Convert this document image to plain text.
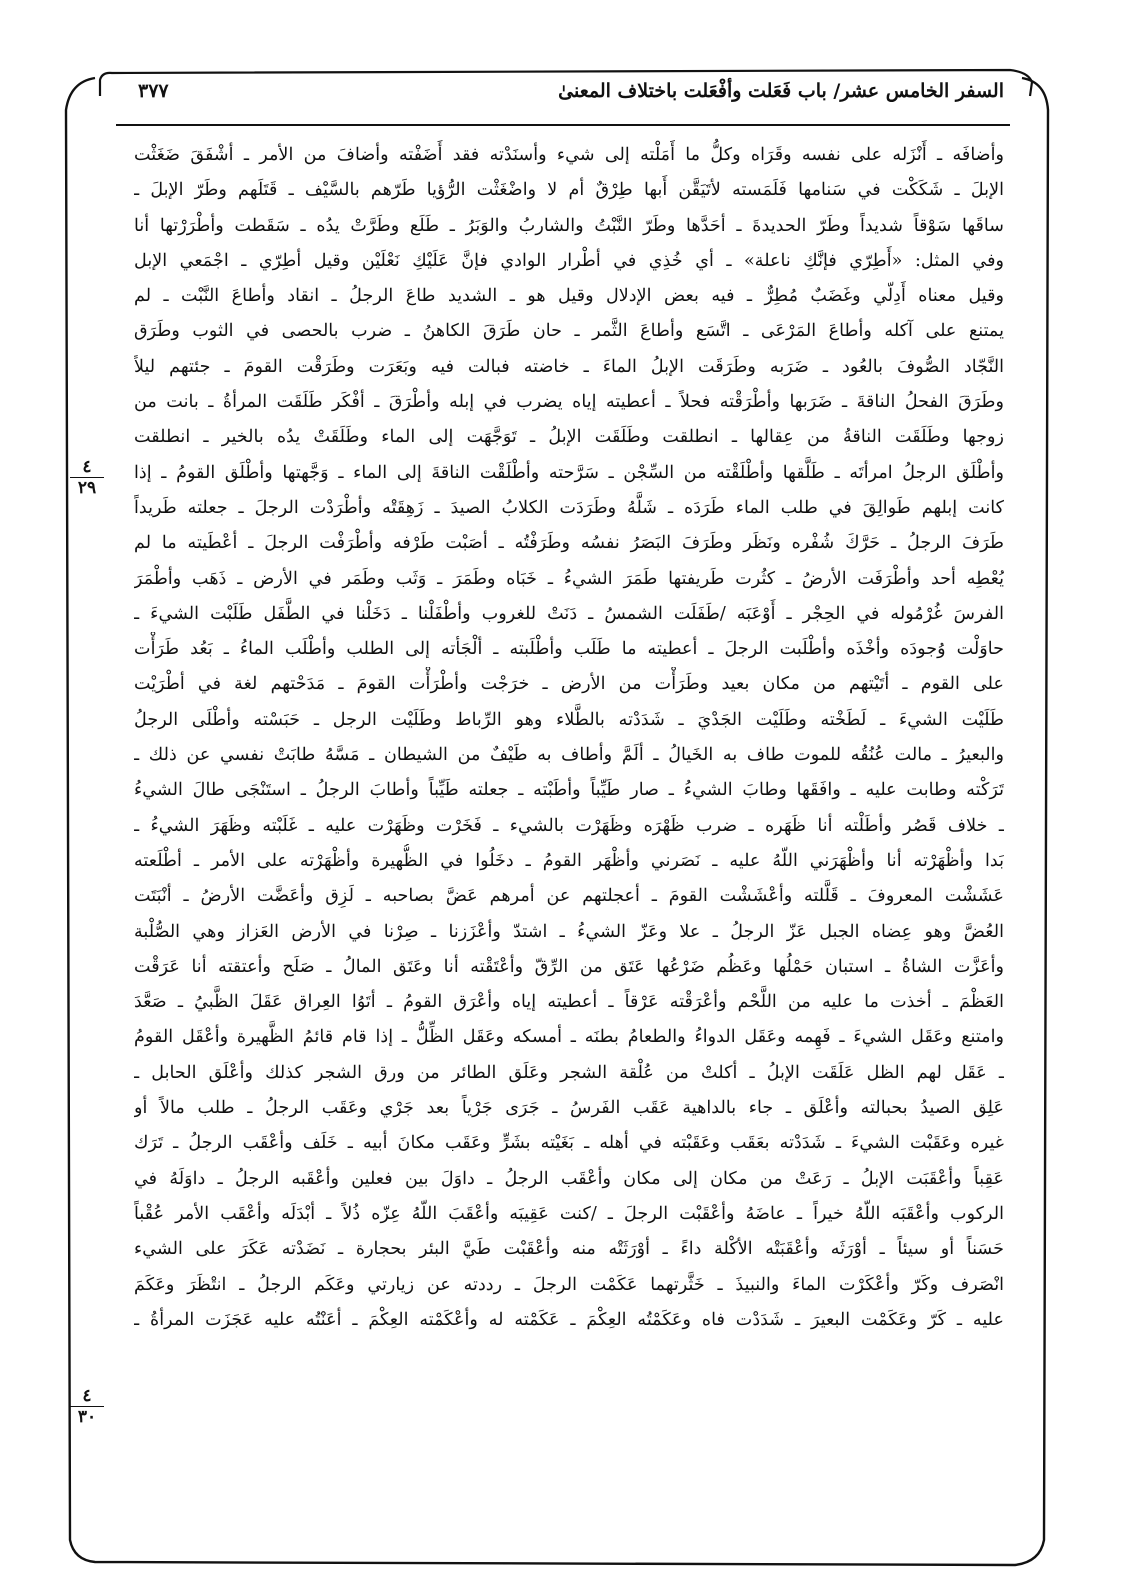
السفر الخامس عشر/ باب فَعَلت وأفْعَلت باختلاف المعنىٰ
٣٧٧
٤
٢٩
٤
٣٠
وأضافَه ـ أَنْزَله على نفسه وقَرَاه وكلُّ ما أَمَلْته إلى شيء وأسنَدْته فقد أَضَفْته وأضافَ من الأمر ـ أشْفَقَ ضَغَثْت
الإبلَ ـ شَكَكْت في سَنامها فَلَمَسته لأتَيَقَّن أَبها طِرْقٌ أم لا واضْغَثْت الرُّؤيا طَرّهم بالسَّيْف ـ قَتَلَهم وطَرّ الإبلَ ـ
ساقَها سَوْقاً شديداً وطَرّ الحديدةَ ـ أحَدَّها وطَرّ النَّبْتُ والشاربُ والوَبَرُ ـ طَلَع وطَرَّتْ يدُه ـ سَقَطت وأطْرَرْتها أنا
وفي المثل: «أَطِرّي فإنَّكِ ناعلة» ـ أي خُذِي في أطْرار الوادي فإنَّ عَلَيْكِ نَعْلَيْن وقيل أطِرّي ـ اجْمَعي الإبل
وقيل معناه أَدِلّي وغَضَبٌ مُطِرٌّ ـ فيه بعض الإدلال وقيل هو ـ الشديد طاعَ الرجلُ ـ انقاد وأطاعَ النَّبْت ـ لم
يمتنع على آكله وأطاعَ المَرْعَى ـ اتَّسَع وأطاعَ الثَّمر ـ حان طَرَقَ الكاهنُ ـ ضرب بالحصى في الثوب وطَرَق
النَّجّاد الصُّوفَ بالعُود ـ ضَرَبه وطَرَقَت الإبلُ الماءَ ـ خاضته فبالت فيه وبَعَرَت وطَرَقْت القومَ ـ جئتهم ليلاً
وطَرَقَ الفحلُ الناقةَ ـ ضَرَبها وأطْرَقْته فحلاً ـ أعطيته إياه يضرب في إبله وأطْرَقَ ـ أفْكَر طَلَقَت المرأةُ ـ بانت من
زوجها وطَلَقَت الناقةُ من عِقالها ـ انطلقت وطَلَقَت الإبلُ ـ تَوَجَّهَت إلى الماء وطَلَقَتْ يدُه بالخير ـ انطلقت
وأطْلَق الرجلُ امرأتَه ـ طَلَّقها وأطْلَقْته من السِّجْن ـ سَرَّحته وأطْلَقْت الناقةَ إلى الماء ـ وَجَّهتها وأطْلَق القومُ ـ إذا
كانت إبلهم طَوالِقَ في طلب الماء طَرَدَه ـ شَلَّهُ وطَرَدَت الكلابُ الصيدَ ـ زَهِقَتْه وأطْرَدْت الرجلَ ـ جعلته طَريداً
طَرَفَ الرجلُ ـ حَرَّكَ شُفْره ونَظَر وطَرَفَ البَصَرُ نفسُه وطَرَفْتُه ـ أصَبْت طَرْفه وأطْرَفْت الرجلَ ـ أعْطَيته ما لم
يُعْطِه أحد وأطْرَفَت الأرضُ ـ كثُرت طَريفتها طَمَرَ الشيءُ ـ خَبَاه وطَمَرَ ـ وَثَب وطَمَر في الأرض ـ ذَهَب وأطْمَرَ
الفرسَ غُرْمُوله في الحِجْر ـ أَوْعَبَه /طَفَلَت الشمسُ ـ دَنَتْ للغروب وأطْفَلْنا ـ دَخَلْنا في الطَّفَل طَلَبْت الشيءَ ـ
حاوَلْت وُجودَه وأخْذَه وأطْلَبت الرجلَ ـ أعطيته ما طَلَب وأطْلَبته ـ ألْجَأته إلى الطلب وأطْلَب الماءُ ـ بَعُد طَرَأْت
على القوم ـ أتَيْتهم من مكان بعيد وطَرَأْت من الأرض ـ خرَجْت وأطْرَأْت القومَ ـ مَدَحْتهم لغة في أطْرَيْت
طَلَيْت الشيءَ ـ لَطَخْته وطَلَيْت الجَدْيَ ـ شَدَدْته بالطَّلاء وهو الرِّباط وطَلَيْت الرجل ـ حَبَسْته وأطْلَى الرجلُ
والبعيرُ ـ مالت عُنُقُه للموت طاف به الخَيالُ ـ ألَمَّ وأطاف به طَيْفٌ من الشيطان ـ مَسَّهُ طابَتْ نفسي عن ذلك ـ
تَرَكْته وطابت عليه ـ وافَقَها وطابَ الشيءُ ـ صار طَيِّباً وأطَبْته ـ جعلته طَيِّباً وأطابَ الرجلُ ـ استَنْجَى طالَ الشيءُ
ـ خلاف قَصُر وأطَلْته أنا ظَهَره ـ ضرب ظَهْرَه وظَهَرْت بالشيء ـ فَخَرْت وظَهَرْت عليه ـ غَلَبْته وظَهَرَ الشيءُ ـ
بَدا وأظْهَرْته أنا وأظْهَرَني اللّهُ عليه ـ نَصَرني وأظْهَر القومُ ـ دخَلُوا في الظُّهيرة وأظْهَرْته على الأمر ـ أطْلَعته
عَشَشْت المعروفَ ـ قَلَّلته وأعْشَشْت القومَ ـ أعجلتهم عن أمرهم عَضَّ بصاحبه ـ لَزِق وأعَضَّت الأرضُ ـ أنْبَتَت
العُضَّ وهو عِضاه الجبل عَزّ الرجلُ ـ علا وعَزّ الشيءُ ـ اشتدّ وأعْزَزنا ـ صِرْنا في الأرض العَزاز وهي الصُّلْبة
وأعَزَّت الشاةُ ـ استبان حَمْلُها وعَظُم ضَرْعُها عَتَق من الرِّقّ وأعْتَقْته أنا وعَتَق المالُ ـ صَلَح وأعتقته أنا عَرَقْت
العَظْمَ ـ أخذت ما عليه من اللَّحْم وأعْرَقْته عَرْقاً ـ أعطيته إياه وأعْرَق القومُ ـ أتَوُا العِراق عَقَلَ الظَّبيُ ـ صَعَّدَ
وامتنع وعَقَل الشيءَ ـ فَهِمه وعَقَل الدواءُ والطعامُ بطنَه ـ أمسكه وعَقَل الظِّلُّ ـ إذا قام قائمُ الظَّهيرة وأعْقَل القومُ
ـ عَقَل لهم الظل عَلَقَت الإبلُ ـ أكلتْ من عُلْقة الشجر وعَلَق الطائر من ورق الشجر كذلك وأعْلَق الحابل ـ
عَلِق الصيدُ بحبالته وأعْلَق ـ جاء بالداهية عَقَب الفَرسُ ـ جَرَى جَرْياً بعد جَرْي وعَقَب الرجلُ ـ طلب مالاً أو
غيره وعَقَبْت الشيءَ ـ شَدَدْته بعَقَب وعَقَبْته في أهله ـ بَغَيْته بشَرٍّ وعَقَب مكانَ أبيه ـ خَلَف وأعْقَب الرجلُ ـ تَرَك
عَقِباً وأعْقَبَت الإبلُ ـ رَعَتْ من مكان إلى مكان وأعْقَب الرجلُ ـ داوَلَ بين فعلين وأعْقَبه الرجلُ ـ داوَلَهُ في
الركوب وأعْقَبَه اللّهُ خيراً ـ عاضَهُ وأعْقَبْت الرجلَ ـ /كنت عَقِيبَه وأعْقَبَ اللّهُ عِزّه ذُلاً ـ أبْدَلَه وأعْقَب الأمر عُقْباً
حَسَناً أو سيئاً ـ أوْرَثَه وأعْقَبَتْه الأكْلة داءً ـ أوْرَثَتْه منه وأعْقَبْت طَيَّ البئر بحجارة ـ نَضَدْته عَكَرَ على الشيء
انْصَرف وكَرّ وأعْكَرْت الماءَ والنبيذَ ـ خَثَّرتهما عَكَمْت الرجلَ ـ رددته عن زيارتي وعَكَم الرجلُ ـ انتْظَرَ وعَكَمَ
عليه ـ كَرّ وعَكَمْت البعيرَ ـ شَدَدْت فاه وعَكَمْتُه العِكْمَ ـ عَكَمْته له وأعْكَمْته العِكْمَ ـ أعَنْتُه عليه عَجَزَت المرأةُ ـ
